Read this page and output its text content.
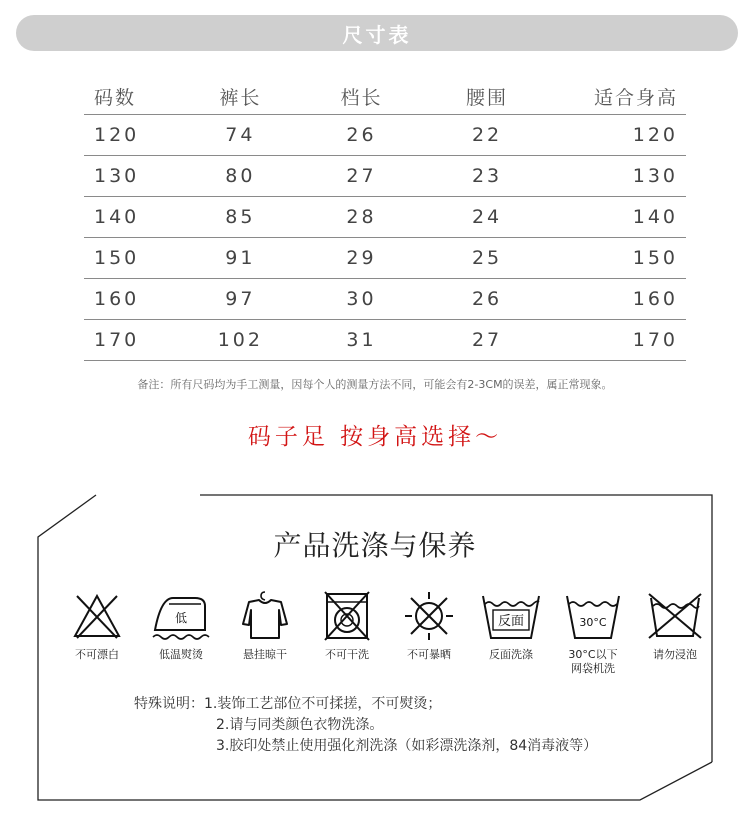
尺寸表
码数	裤长	档长	腰围	适合身高
120	74	26	22	120
130	80	27	23	130
140	85	28	24	140
150	91	29	25	150
160	97	30	26	160
170	102	31	27	170
备注：所有尺码均为手工测量，因每个人的测量方法不同，可能会有2-3CM的误差，属正常现象。
码子足 按身高选择～
产品洗涤与保养
不可漂白
低
低温熨烫	悬挂晾干	不可干洗	不可暴晒
反面
反面洗涤
30°C
30°C以下
网袋机洗
请勿浸泡
特殊说明：1.装饰工艺部位不可揉搓，不可熨烫；
2.请与同类颜色衣物洗涤。
3.胶印处禁止使用强化剂洗涤（如彩漂洗涤剂，84消毒液等）
